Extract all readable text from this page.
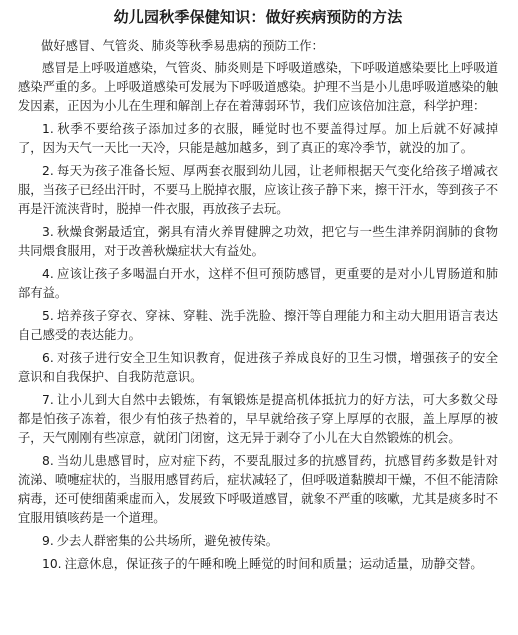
幼儿园秋季保健知识：做好疾病预防的方法

做好感冒、气管炎、肺炎等秋季易患病的预防工作：

感冒是上呼吸道感染，气管炎、肺炎则是下呼吸道感染，下呼吸道感染要比上呼吸道感染严重的多。上呼吸道感染可发展为下呼吸道感染。护理不当是小儿患呼吸道感染的触发因素，正因为小儿在生理和解剖上存在着薄弱环节，我们应该倍加注意，科学护理：

1. 秋季不要给孩子添加过多的衣服，睡觉时也不要盖得过厚。加上后就不好减掉了，因为天气一天比一天冷，只能是越加越多，到了真正的寒冷季节，就没的加了。
2. 每天为孩子准备长短、厚两套衣服到幼儿园，让老师根据天气变化给孩子增减衣服，当孩子已经出汗时，不要马上脱掉衣服，应该让孩子静下来，擦干汗水，等到孩子不再是汗流浃背时，脱掉一件衣服，再放孩子去玩。
3. 秋燥食粥最适宜，粥具有清火养胃健脾之功效，把它与一些生津养阴润肺的食物共同煨食服用，对于改善秋燥症状大有益处。
4. 应该让孩子多喝温白开水，这样不但可预防感冒，更重要的是对小儿胃肠道和肺部有益。
5. 培养孩子穿衣、穿袜、穿鞋、洗手洗脸、擦汗等自理能力和主动大胆用语言表达自己感受的表达能力。
6. 对孩子进行安全卫生知识教育，促进孩子养成良好的卫生习惯，增强孩子的安全意识和自我保护、自我防范意识。
7. 让小儿到大自然中去锻炼，有氧锻炼是提高机体抵抗力的好方法，可大多数父母都是怕孩子冻着，很少有怕孩子热着的，早早就给孩子穿上厚厚的衣服，盖上厚厚的被子，天气刚刚有些凉意，就闭门闭窗，这无异于剥夺了小儿在大自然锻炼的机会。
8. 当幼儿患感冒时，应对症下药，不要乱服过多的抗感冒药，抗感冒药多数是针对流涕、喷嚏症状的，当服用感冒药后，症状减轻了，但呼吸道黏膜却干燥，不但不能清除病毒，还可使细菌乘虚而入，发展致下呼吸道感冒，就象不严重的咳嗽，尤其是痰多时不宜服用镇咳药是一个道理。
9. 少去人群密集的公共场所，避免被传染。
10. 注意休息，保证孩子的午睡和晚上睡觉的时间和质量；运动适量，劢静交替。
